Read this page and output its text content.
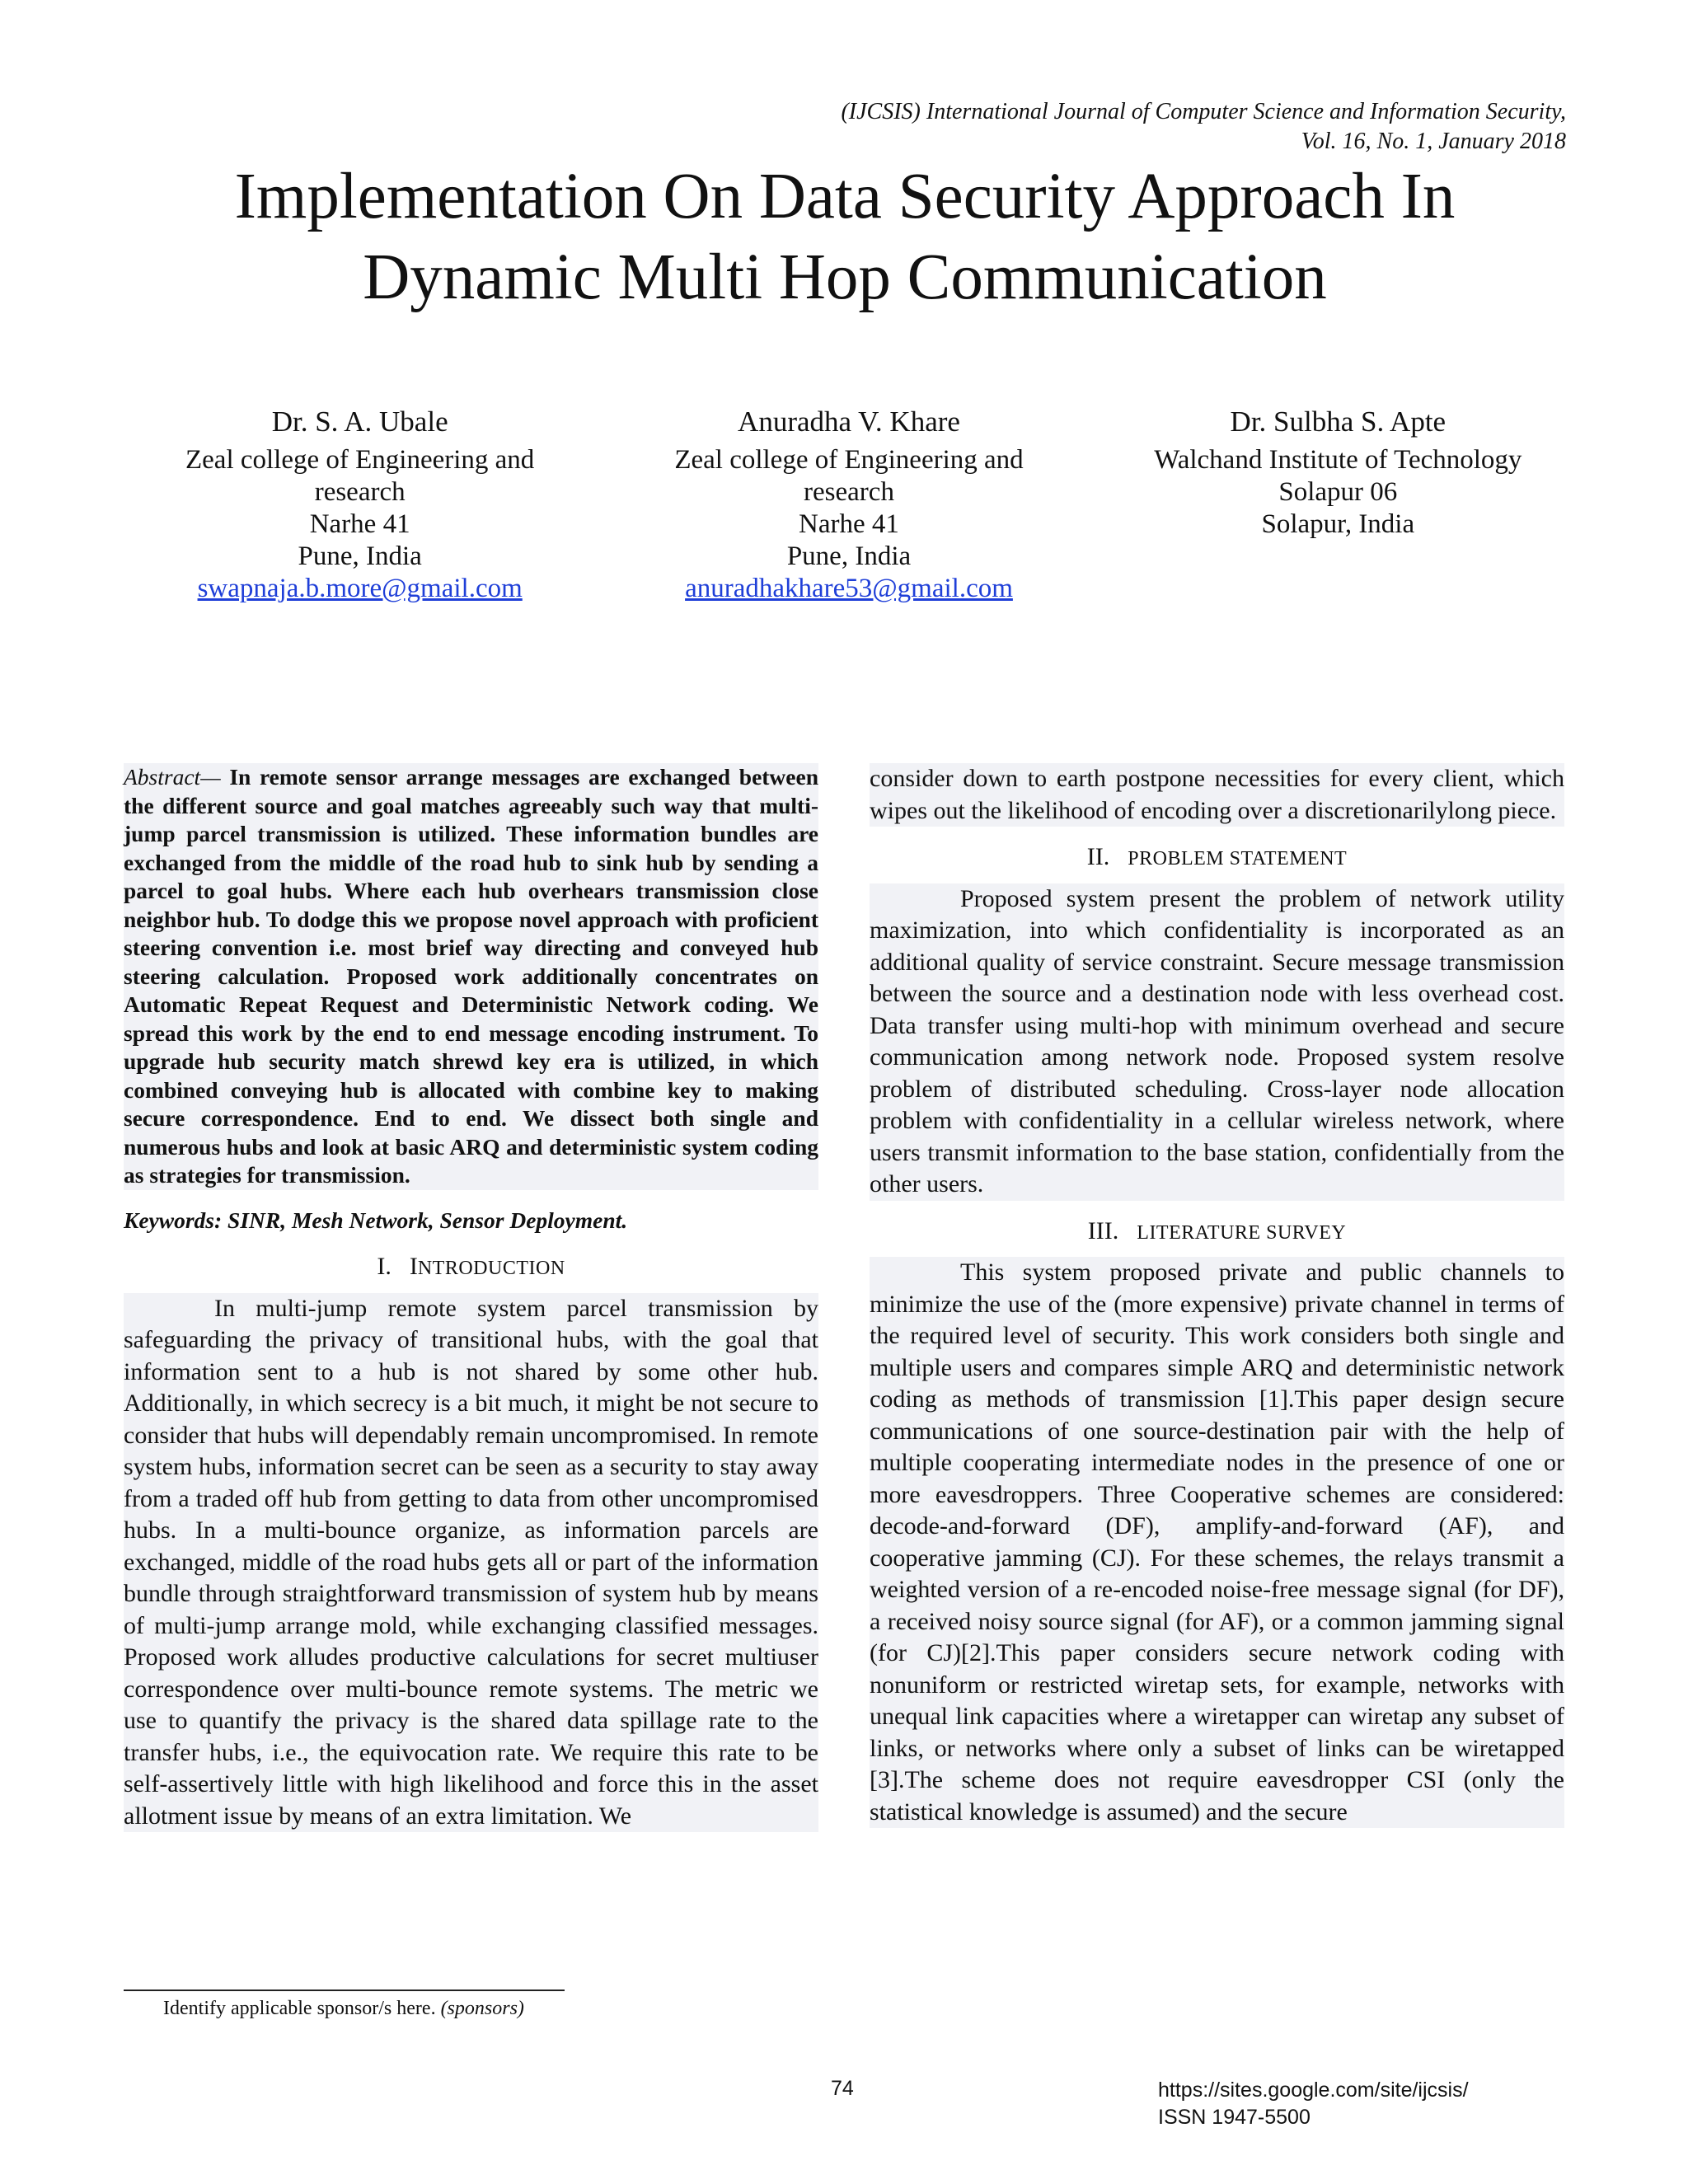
(IJCSIS) International Journal of Computer Science and Information Security,
Vol. 16, No. 1, January 2018
Implementation On Data Security Approach In
Dynamic Multi Hop Communication
Dr. S. A. Ubale
Zeal college of Engineering and
research
Narhe 41
Pune, India
swapnaja.b.more@gmail.com
Anuradha V. Khare
Zeal college of Engineering and
research
Narhe 41
Pune, India
anuradhakhare53@gmail.com
Dr. Sulbha S. Apte
Walchand Institute of Technology
Solapur 06
Solapur, India

Abstract— In remote sensor arrange messages are exchanged between the different source and goal matches agreeably such way that multi-jump parcel transmission is utilized. These information bundles are exchanged from the middle of the road hub to sink hub by sending a parcel to goal hubs. Where each hub overhears transmission close neighbor hub. To dodge this we propose novel approach with proficient steering convention i.e. most brief way directing and conveyed hub steering calculation. Proposed work additionally concentrates on Automatic Repeat Request and Deterministic Network coding. We spread this work by the end to end message encoding instrument. To upgrade hub security match shrewd key era is utilized, in which combined conveying hub is allocated with combine key to making secure correspondence. End to end. We dissect both single and numerous hubs and look at basic ARQ and deterministic system coding as strategies for transmission.

Keywords: SINR, Mesh Network, Sensor Deployment.

I. INTRODUCTION

In multi-jump remote system parcel transmission by safeguarding the privacy of transitional hubs, with the goal that information sent to a hub is not shared by some other hub. Additionally, in which secrecy is a bit much, it might be not secure to consider that hubs will dependably remain uncompromised. In remote system hubs, information secret can be seen as a security to stay away from a traded off hub from getting to data from other uncompromised hubs. In a multi-bounce organize, as information parcels are exchanged, middle of the road hubs gets all or part of the information bundle through straightforward transmission of system hub by means of multi-jump arrange mold, while exchanging classified messages. Proposed work alludes productive calculations for secret multiuser correspondence over multi-bounce remote systems. The metric we use to quantify the privacy is the shared data spillage rate to the transfer hubs, i.e., the equivocation rate. We require this rate to be self-assertively little with high likelihood and force this in the asset allotment issue by means of an extra limitation. We

consider down to earth postpone necessities for every client, which wipes out the likelihood of encoding over a discretionarilylong piece.

II. PROBLEM STATEMENT

Proposed system present the problem of network utility maximization, into which confidentiality is incorporated as an additional quality of service constraint. Secure message transmission between the source and a destination node with less overhead cost. Data transfer using multi-hop with minimum overhead and secure communication among network node. Proposed system resolve problem of distributed scheduling. Cross-layer node allocation problem with confidentiality in a cellular wireless network, where users transmit information to the base station, confidentially from the other users.

III. LITERATURE SURVEY

This system proposed private and public channels to minimize the use of the (more expensive) private channel in terms of the required level of security. This work considers both single and multiple users and compares simple ARQ and deterministic network coding as methods of transmission [1].This paper design secure communications of one source-destination pair with the help of multiple cooperating intermediate nodes in the presence of one or more eavesdroppers. Three Cooperative schemes are considered: decode-and-forward (DF), amplify-and-forward (AF), and cooperative jamming (CJ). For these schemes, the relays transmit a weighted version of a re-encoded noise-free message signal (for DF), a received noisy source signal (for AF), or a common jamming signal (for CJ)[2].This paper considers secure network coding with nonuniform or restricted wiretap sets, for example, networks with unequal link capacities where a wiretapper can wiretap any subset of links, or networks where only a subset of links can be wiretapped [3].The scheme does not require eavesdropper CSI (only the statistical knowledge is assumed) and the secure

Identify applicable sponsor/s here. (sponsors)
74	https://sites.google.com/site/ijcsis/
ISSN 1947-5500
